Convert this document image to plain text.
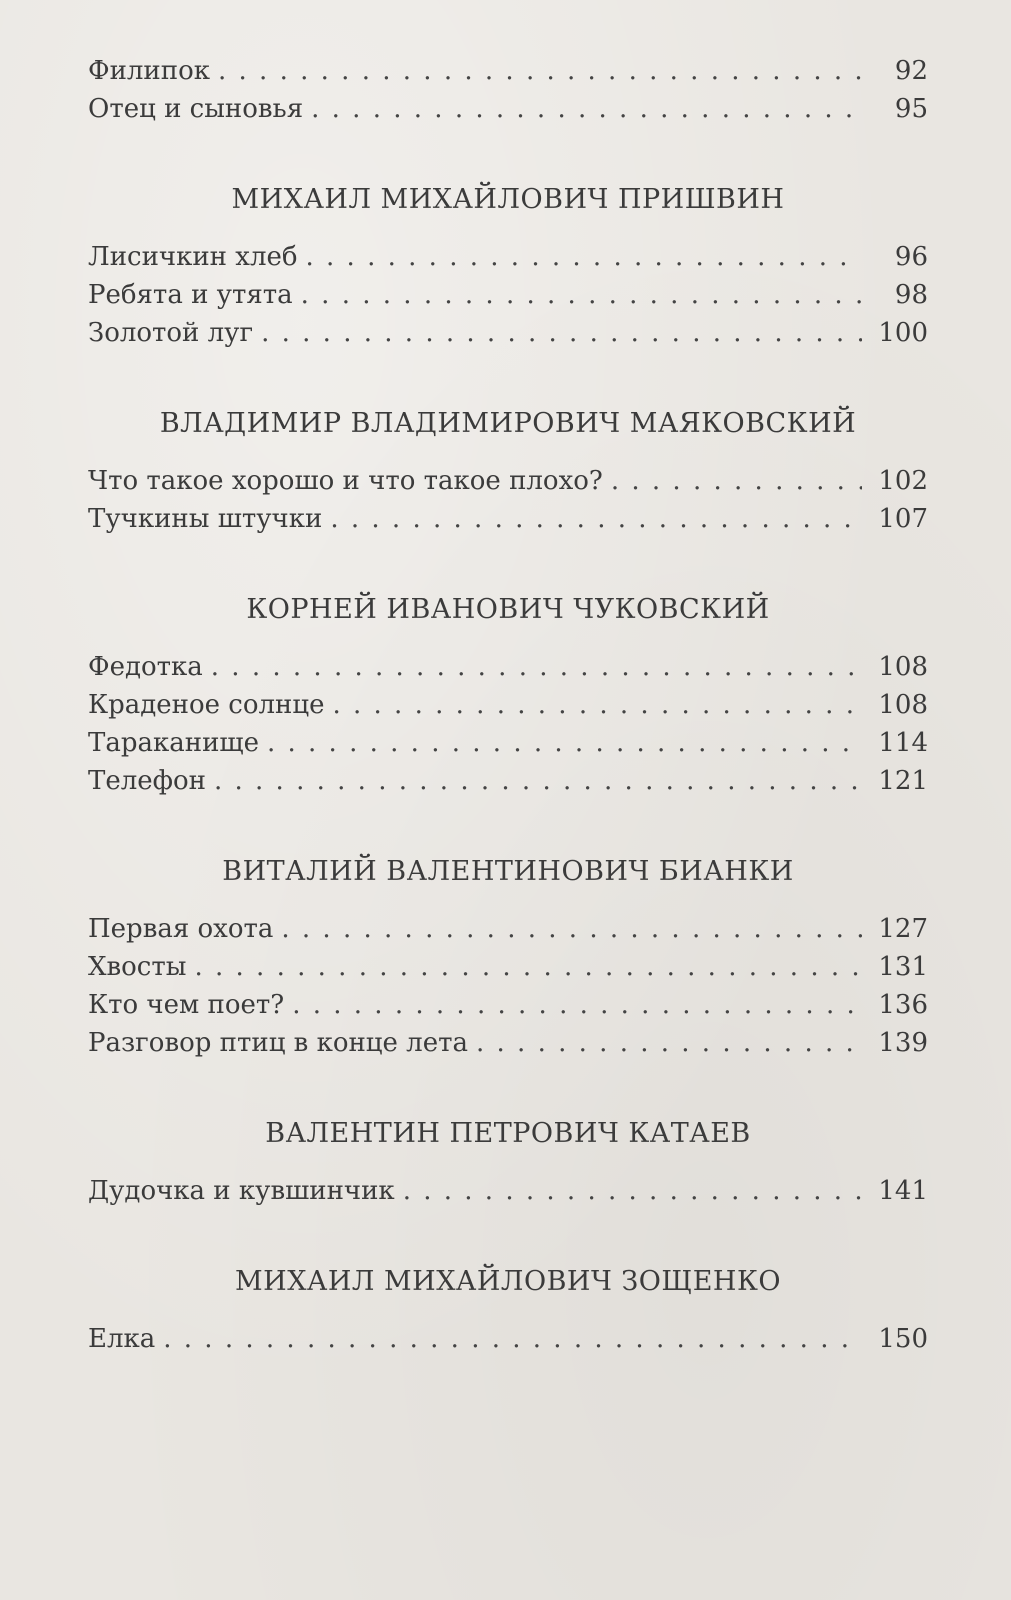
Филипок . . .	92
Отец и сыновья . . .	95
МИХАИЛ МИХАЙЛОВИЧ ПРИШВИН
Лисичкин хлеб . . .	96
Ребята и утята . . .	98
Золотой луг . . .	100
ВЛАДИМИР ВЛАДИМИРОВИЧ МАЯКОВСКИЙ
Что такое хорошо и что такое плохо? . . .	102
Тучкины штучки . . .	107
КОРНЕЙ ИВАНОВИЧ ЧУКОВСКИЙ
Федотка . . .	108
Краденое солнце . . .	108
Тараканище . . .	114
Телефон . . .	121
ВИТАЛИЙ ВАЛЕНТИНОВИЧ БИАНКИ
Первая охота . . .	127
Хвосты . . .	131
Кто чем поет? . . .	136
Разговор птиц в конце лета . . .	139
ВАЛЕНТИН ПЕТРОВИЧ КАТАЕВ
Дудочка и кувшинчик . . .	141
МИХАИЛ МИХАЙЛОВИЧ ЗОЩЕНКО
Елка . . .	150
